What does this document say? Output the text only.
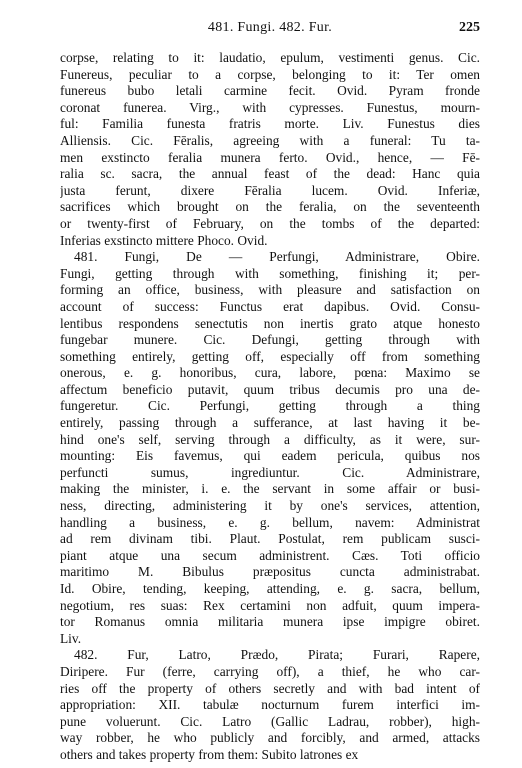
481. Fungi. 482. Fur.	225
corpse, relating to it: laudatio, epulum, vestimenti genus. Cic.
Funereus, peculiar to a corpse, belonging to it: Ter omen
funereus bubo letali carmine fecit. Ovid. Pyram fronde
coronat funerea. Virg., with cypresses. Funestus, mourn-
ful: Familia funesta fratris morte. Liv. Funestus dies
Alliensis. Cic. Fēralis, agreeing with a funeral: Tu ta-
men exstincto feralia munera ferto. Ovid., hence, — Fē-
ralia sc. sacra, the annual feast of the dead: Hanc quia
justa ferunt, dixere Fēralia lucem. Ovid. Inferiæ,
sacrifices which brought on the feralia, on the seventeenth
or twenty-first of February, on the tombs of the departed:
Inferias exstincto mittere Phoco. Ovid.
481. Fungi, De — Perfungi, Administrare, Obire.
Fungi, getting through with something, finishing it; per-
forming an office, business, with pleasure and satisfaction on
account of success: Functus erat dapibus. Ovid. Consu-
lentibus respondens senectutis non inertis grato atque honesto
fungebar munere. Cic. Defungi, getting through with
something entirely, getting off, especially off from something
onerous, e. g. honoribus, cura, labore, pœna: Maximo se
affectum beneficio putavit, quum tribus decumis pro una de-
fungeretur. Cic. Perfungi, getting through a thing
entirely, passing through a sufferance, at last having it be-
hind one's self, serving through a difficulty, as it were, sur-
mounting: Eis favemus, qui eadem pericula, quibus nos
perfuncti sumus, ingrediuntur. Cic. Administrare,
making the minister, i. e. the servant in some affair or busi-
ness, directing, administering it by one's services, attention,
handling a business, e. g. bellum, navem: Administrat
ad rem divinam tibi. Plaut. Postulat, rem publicam susci-
piant atque una secum administrent. Cæs. Toti officio
maritimo M. Bibulus præpositus cuncta administrabat.
Id. Obire, tending, keeping, attending, e. g. sacra, bellum,
negotium, res suas: Rex certamini non adfuit, quum impera-
tor Romanus omnia militaria munera ipse impigre obiret.
Liv.
482. Fur, Latro, Prædo, Pirata; Furari, Rapere,
Diripere. Fur (ferre, carrying off), a thief, he who car-
ries off the property of others secretly and with bad intent of
appropriation: XII. tabulæ nocturnum furem interfici im-
pune voluerunt. Cic. Latro (Gallic Ladrau, robber), high-
way robber, he who publicly and forcibly, and armed, attacks
others and takes property from them: Subito latrones ex
